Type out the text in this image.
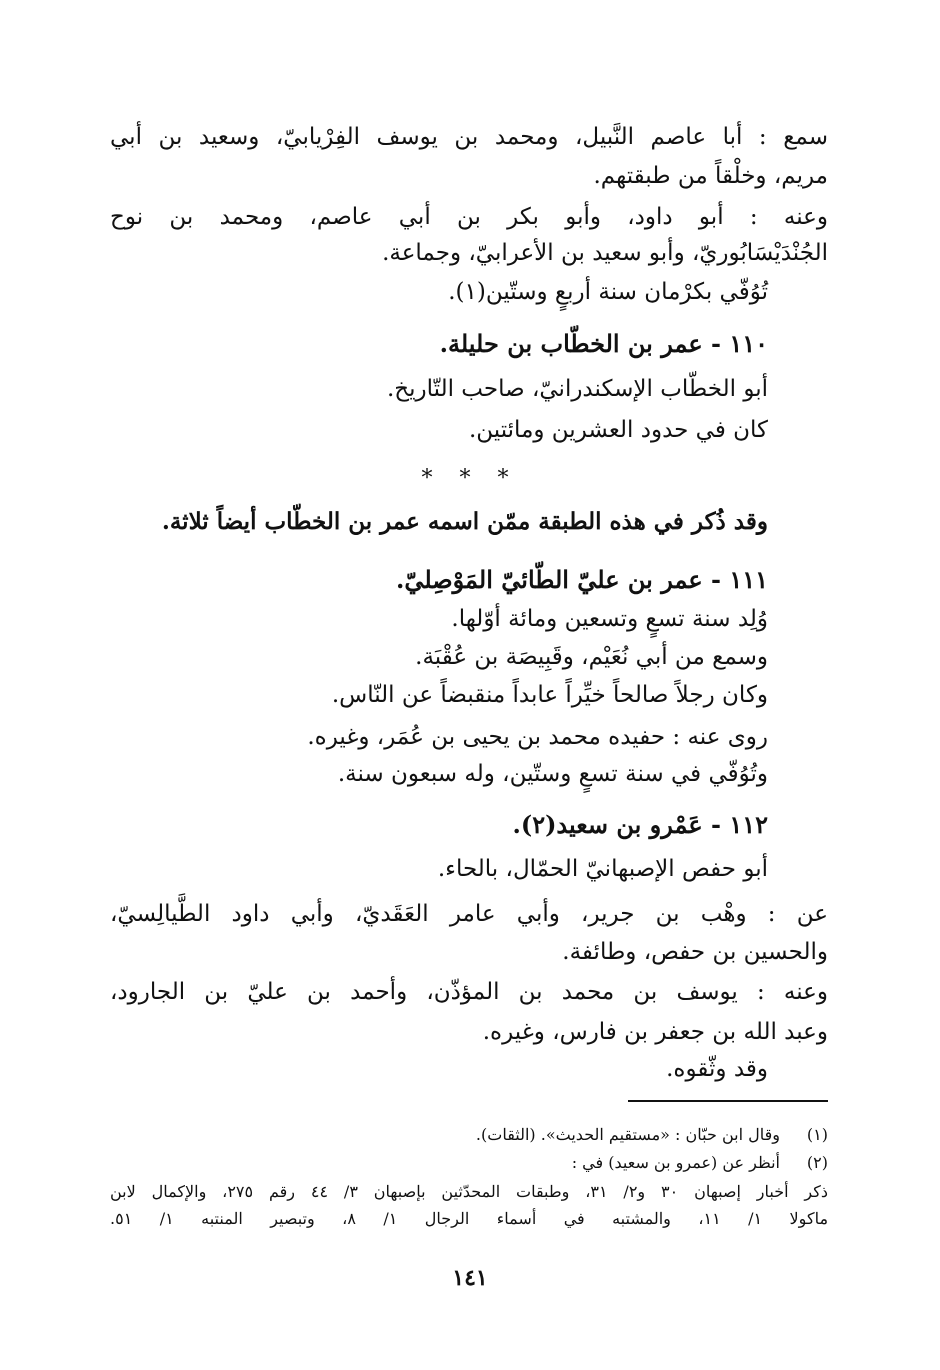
سمع : أبا عاصم النَّبيل، ومحمد بن يوسف الفِرْيابيّ، وسعيد بن أبي
مريم، وخلْقاً من طبقتهم.
وعنه : أبو داود، وأبو بكر بن أبي عاصم، ومحمد بن نوح
الجُنْدَيْسَابُوريّ، وأبو سعيد بن الأعرابيّ، وجماعة.
تُوُفّي بكرْمان سنة أربعٍ وستّين(١).
١١٠ - عمر بن الخطّاب بن حليلة.
أبو الخطّاب الإسكندرانيّ، صاحب التّاريخ.
كان في حدود العشرين ومائتين.
* * *
وقد ذُكر في هذه الطبقة ممّن اسمه عمر بن الخطّاب أيضاً ثلاثة.
١١١ - عمر بن عليّ الطّائيّ المَوْصِليّ.
وُلِد سنة تسعٍ وتسعين ومائة أوّلها.
وسمع من أبي نُعَيْم، وقَبِيصَة بن عُقْبَة.
وكان رجلاً صالحاً خيِّراً عابداً منقبضاً عن النّاس.
روى عنه : حفيده محمد بن يحيى بن عُمَر، وغيره.
وتُوُفّي في سنة تسعٍ وستّين، وله سبعون سنة.
١١٢ - عَمْرو بن سعيد(٢).
أبو حفص الإصبهانيّ الحمّال، بالحاء.
عن : وهْب بن جرير، وأبي عامر العَقَديّ، وأبي داود الطَّيالِسيّ،
والحسين بن حفص، وطائفة.
وعنه : يوسف بن محمد بن المؤذّن، وأحمد بن عليّ بن الجارود،
وعبد الله بن جعفر بن فارس، وغيره.
وقد وثّقوه.
(١)
وقال ابن حبّان : «مستقيم الحديث». (الثقات).
(٢)
أنظر عن (عمرو بن سعيد) في :
ذكر أخبار إصبهان ٣٠ و٢/ ٣١، وطبقات المحدّثين بإصبهان ٣/ ٤٤ رقم ٢٧٥، والإكمال لابن
ماكولا ١/ ١١، والمشتبه في أسماء الرجال ١/ ٨، وتبصير المنتبه ١/ ٥١.
١٤١
